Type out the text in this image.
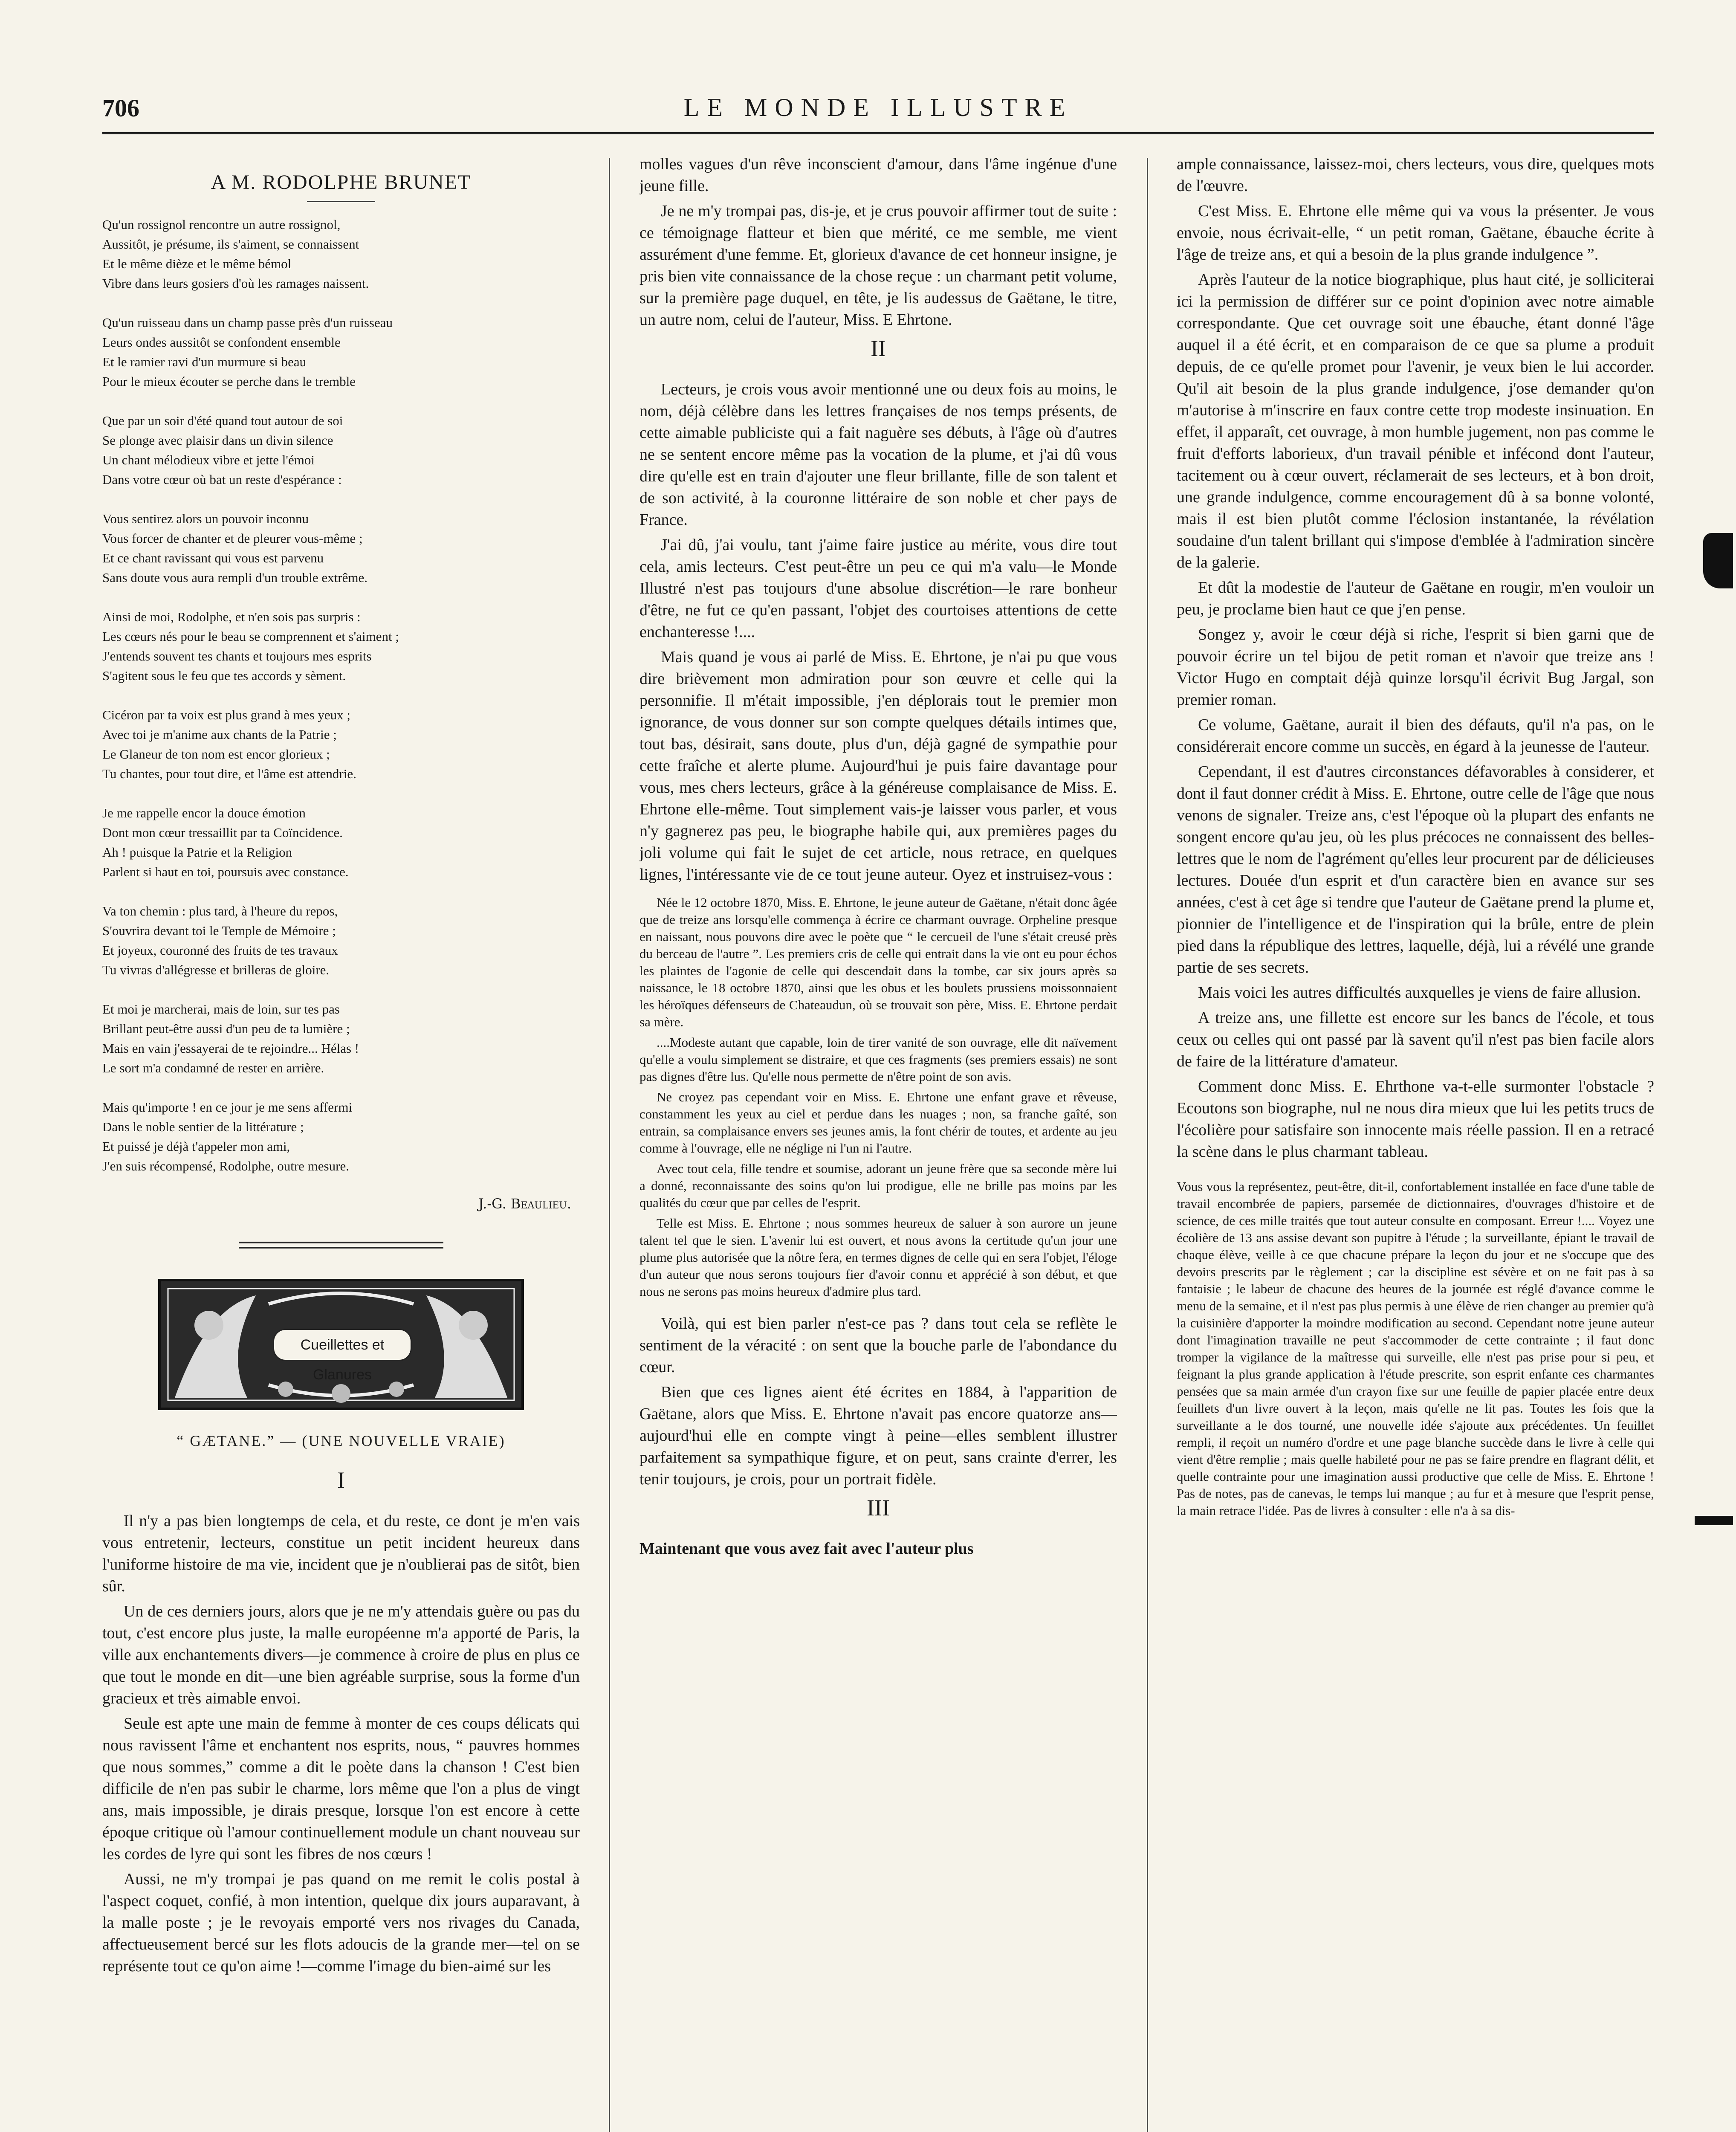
706	LE MONDE ILLUSTRE
A M. RODOLPHE BRUNET
Qu'un rossignol rencontre un autre rossignol,
Aussitôt, je présume, ils s'aiment, se connaissent
Et le même dièze et le même bémol
Vibre dans leurs gosiers d'où les ramages naissent.
Qu'un ruisseau dans un champ passe près d'un ruisseau
Leurs ondes aussitôt se confondent ensemble
Et le ramier ravi d'un murmure si beau
Pour le mieux écouter se perche dans le tremble
Que par un soir d'été quand tout autour de soi
Se plonge avec plaisir dans un divin silence
Un chant mélodieux vibre et jette l'émoi
Dans votre cœur où bat un reste d'espérance :
Vous sentirez alors un pouvoir inconnu
Vous forcer de chanter et de pleurer vous-même ;
Et ce chant ravissant qui vous est parvenu
Sans doute vous aura rempli d'un trouble extrême.
Ainsi de moi, Rodolphe, et n'en sois pas surpris :
Les cœurs nés pour le beau se comprennent et s'aiment ;
J'entends souvent tes chants et toujours mes esprits
S'agitent sous le feu que tes accords y sèment.
Cicéron par ta voix est plus grand à mes yeux ;
Avec toi je m'anime aux chants de la Patrie ;
Le Glaneur de ton nom est encor glorieux ;
Tu chantes, pour tout dire, et l'âme est attendrie.
Je me rappelle encor la douce émotion
Dont mon cœur tressaillit par ta Coïncidence.
Ah ! puisque la Patrie et la Religion
Parlent si haut en toi, poursuis avec constance.
Va ton chemin : plus tard, à l'heure du repos,
S'ouvrira devant toi le Temple de Mémoire ;
Et joyeux, couronné des fruits de tes travaux
Tu vivras d'allégresse et brilleras de gloire.
Et moi je marcherai, mais de loin, sur tes pas
Brillant peut-être aussi d'un peu de ta lumière ;
Mais en vain j'essayerai de te rejoindre... Hélas !
Le sort m'a condamné de rester en arrière.
Mais qu'importe ! en ce jour je me sens affermi
Dans le noble sentier de la littérature ;
Et puissé je déjà t'appeler mon ami,
J'en suis récompensé, Rodolphe, outre mesure.
J.-G. Beaulieu.
Cueillettes et Glanures
“ GÆTANE.” — (UNE NOUVELLE VRAIE)
I

Il n'y a pas bien longtemps de cela, et du reste, ce dont je m'en vais vous entretenir, lecteurs, constitue un petit incident heureux dans l'uniforme histoire de ma vie, incident que je n'oublierai pas de sitôt, bien sûr.

Un de ces derniers jours, alors que je ne m'y attendais guère ou pas du tout, c'est encore plus juste, la malle européenne m'a apporté de Paris, la ville aux enchantements divers—je commence à croire de plus en plus ce que tout le monde en dit—une bien agréable surprise, sous la forme d'un gracieux et très aimable envoi.

Seule est apte une main de femme à monter de ces coups délicats qui nous ravissent l'âme et enchantent nos esprits, nous, “ pauvres hommes que nous sommes,” comme a dit le poète dans la chanson ! C'est bien difficile de n'en pas subir le charme, lors même que l'on a plus de vingt ans, mais impossible, je dirais presque, lorsque l'on est encore à cette époque critique où l'amour continuellement module un chant nouveau sur les cordes de lyre qui sont les fibres de nos cœurs !

Aussi, ne m'y trompai je pas quand on me remit le colis postal à l'aspect coquet, confié, à mon intention, quelque dix jours auparavant, à la malle poste ; je le revoyais emporté vers nos rivages du Canada, affectueusement bercé sur les flots adoucis de la grande mer—tel on se représente tout ce qu'on aime !—comme l'image du bien-aimé sur les

molles vagues d'un rêve inconscient d'amour, dans l'âme ingénue d'une jeune fille.

Je ne m'y trompai pas, dis-je, et je crus pouvoir affirmer tout de suite : ce témoignage flatteur et bien que mérité, ce me semble, me vient assurément d'une femme. Et, glorieux d'avance de cet honneur insigne, je pris bien vite connaissance de la chose reçue : un charmant petit volume, sur la première page duquel, en tête, je lis audessus de Gaëtane, le titre, un autre nom, celui de l'auteur, Miss. E Ehrtone.

II

Lecteurs, je crois vous avoir mentionné une ou deux fois au moins, le nom, déjà célèbre dans les lettres françaises de nos temps présents, de cette aimable publiciste qui a fait naguère ses débuts, à l'âge où d'autres ne se sentent encore même pas la vocation de la plume, et j'ai dû vous dire qu'elle est en train d'ajouter une fleur brillante, fille de son talent et de son activité, à la couronne littéraire de son noble et cher pays de France.

J'ai dû, j'ai voulu, tant j'aime faire justice au mérite, vous dire tout cela, amis lecteurs. C'est peut-être un peu ce qui m'a valu—le Monde Illustré n'est pas toujours d'une absolue discrétion—le rare bonheur d'être, ne fut ce qu'en passant, l'objet des courtoises attentions de cette enchanteresse !....

Mais quand je vous ai parlé de Miss. E. Ehrtone, je n'ai pu que vous dire brièvement mon admiration pour son œuvre et celle qui la personnifie. Il m'était impossible, j'en déplorais tout le premier mon ignorance, de vous donner sur son compte quelques détails intimes que, tout bas, désirait, sans doute, plus d'un, déjà gagné de sympathie pour cette fraîche et alerte plume. Aujourd'hui je puis faire davantage pour vous, mes chers lecteurs, grâce à la généreuse complaisance de Miss. E. Ehrtone elle-même. Tout simplement vais-je laisser vous parler, et vous n'y gagnerez pas peu, le biographe habile qui, aux premières pages du joli volume qui fait le sujet de cet article, nous retrace, en quelques lignes, l'intéressante vie de ce tout jeune auteur. Oyez et instruisez-vous :

Née le 12 octobre 1870, Miss. E. Ehrtone, le jeune auteur de Gaëtane, n'était donc âgée que de treize ans lorsqu'elle commença à écrire ce charmant ouvrage. Orpheline presque en naissant, nous pouvons dire avec le poète que “ le cercueil de l'une s'était creusé près du berceau de l'autre ”. Les premiers cris de celle qui entrait dans la vie ont eu pour échos les plaintes de l'agonie de celle qui descendait dans la tombe, car six jours après sa naissance, le 18 octobre 1870, ainsi que les obus et les boulets prussiens moissonnaient les héroïques défenseurs de Chateaudun, où se trouvait son père, Miss. E. Ehrtone perdait sa mère.

....Modeste autant que capable, loin de tirer vanité de son ouvrage, elle dit naïvement qu'elle a voulu simplement se distraire, et que ces fragments (ses premiers essais) ne sont pas dignes d'être lus. Qu'elle nous permette de n'être point de son avis.

Ne croyez pas cependant voir en Miss. E. Ehrtone une enfant grave et rêveuse, constamment les yeux au ciel et perdue dans les nuages ; non, sa franche gaîté, son entrain, sa complaisance envers ses jeunes amis, la font chérir de toutes, et ardente au jeu comme à l'ouvrage, elle ne néglige ni l'un ni l'autre.

Avec tout cela, fille tendre et soumise, adorant un jeune frère que sa seconde mère lui a donné, reconnaissante des soins qu'on lui prodigue, elle ne brille pas moins par les qualités du cœur que par celles de l'esprit.

Telle est Miss. E. Ehrtone ; nous sommes heureux de saluer à son aurore un jeune talent tel que le sien. L'avenir lui est ouvert, et nous avons la certitude qu'un jour une plume plus autorisée que la nôtre fera, en termes dignes de celle qui en sera l'objet, l'éloge d'un auteur que nous serons toujours fier d'avoir connu et apprécié à son début, et que nous ne serons pas moins heureux d'admire plus tard.

Voilà, qui est bien parler n'est-ce pas ? dans tout cela se reflète le sentiment de la véracité : on sent que la bouche parle de l'abondance du cœur.

Bien que ces lignes aient été écrites en 1884, à l'apparition de Gaëtane, alors que Miss. E. Ehrtone n'avait pas encore quatorze ans—aujourd'hui elle en compte vingt à peine—elles semblent illustrer parfaitement sa sympathique figure, et on peut, sans crainte d'errer, les tenir toujours, je crois, pour un portrait fidèle.

III

Maintenant que vous avez fait avec l'auteur plus

ample connaissance, laissez-moi, chers lecteurs, vous dire, quelques mots de l'œuvre.

C'est Miss. E. Ehrtone elle même qui va vous la présenter. Je vous envoie, nous écrivait-elle, “ un petit roman, Gaëtane, ébauche écrite à l'âge de treize ans, et qui a besoin de la plus grande indulgence ”.

Après l'auteur de la notice biographique, plus haut cité, je solliciterai ici la permission de différer sur ce point d'opinion avec notre aimable correspondante. Que cet ouvrage soit une ébauche, étant donné l'âge auquel il a été écrit, et en comparaison de ce que sa plume a produit depuis, de ce qu'elle promet pour l'avenir, je veux bien le lui accorder. Qu'il ait besoin de la plus grande indulgence, j'ose demander qu'on m'autorise à m'inscrire en faux contre cette trop modeste insinuation. En effet, il apparaît, cet ouvrage, à mon humble jugement, non pas comme le fruit d'efforts laborieux, d'un travail pénible et infécond dont l'auteur, tacitement ou à cœur ouvert, réclamerait de ses lecteurs, et à bon droit, une grande indulgence, comme encouragement dû à sa bonne volonté, mais il est bien plutôt comme l'éclosion instantanée, la révélation soudaine d'un talent brillant qui s'impose d'emblée à l'admiration sincère de la galerie.

Et dût la modestie de l'auteur de Gaëtane en rougir, m'en vouloir un peu, je proclame bien haut ce que j'en pense.

Songez y, avoir le cœur déjà si riche, l'esprit si bien garni que de pouvoir écrire un tel bijou de petit roman et n'avoir que treize ans ! Victor Hugo en comptait déjà quinze lorsqu'il écrivit Bug Jargal, son premier roman.

Ce volume, Gaëtane, aurait il bien des défauts, qu'il n'a pas, on le considérerait encore comme un succès, en égard à la jeunesse de l'auteur.

Cependant, il est d'autres circonstances défavorables à considerer, et dont il faut donner crédit à Miss. E. Ehrtone, outre celle de l'âge que nous venons de signaler. Treize ans, c'est l'époque où la plupart des enfants ne songent encore qu'au jeu, où les plus précoces ne connaissent des belles-lettres que le nom de l'agrément qu'elles leur procurent par de délicieuses lectures. Douée d'un esprit et d'un caractère bien en avance sur ses années, c'est à cet âge si tendre que l'auteur de Gaëtane prend la plume et, pionnier de l'intelligence et de l'inspiration qui la brûle, entre de plein pied dans la république des lettres, laquelle, déjà, lui a révélé une grande partie de ses secrets.

Mais voici les autres difficultés auxquelles je viens de faire allusion.

A treize ans, une fillette est encore sur les bancs de l'école, et tous ceux ou celles qui ont passé par là savent qu'il n'est pas bien facile alors de faire de la littérature d'amateur.

Comment donc Miss. E. Ehrthone va-t-elle surmonter l'obstacle ? Ecoutons son biographe, nul ne nous dira mieux que lui les petits trucs de l'écolière pour satisfaire son innocente mais réelle passion. Il en a retracé la scène dans le plus charmant tableau.

Vous vous la représentez, peut-être, dit-il, confortablement installée en face d'une table de travail encombrée de papiers, parsemée de dictionnaires, d'ouvrages d'histoire et de science, de ces mille traités que tout auteur consulte en composant. Erreur !.... Voyez une écolière de 13 ans assise devant son pupitre à l'étude ; la surveillante, épiant le travail de chaque élève, veille à ce que chacune prépare la leçon du jour et ne s'occupe que des devoirs prescrits par le règlement ; car la discipline est sévère et on ne fait pas à sa fantaisie ; le labeur de chacune des heures de la journée est réglé d'avance comme le menu de la semaine, et il n'est pas plus permis à une élève de rien changer au premier qu'à la cuisinière d'apporter la moindre modification au second. Cependant notre jeune auteur dont l'imagination travaille ne peut s'accommoder de cette contrainte ; il faut donc tromper la vigilance de la maîtresse qui surveille, elle n'est pas prise pour si peu, et feignant la plus grande application à l'étude prescrite, son esprit enfante ces charmantes pensées que sa main armée d'un crayon fixe sur une feuille de papier placée entre deux feuillets d'un livre ouvert à la leçon, mais qu'elle ne lit pas. Toutes les fois que la surveillante a le dos tourné, une nouvelle idée s'ajoute aux précédentes. Un feuillet rempli, il reçoit un numéro d'ordre et une page blanche succède dans le livre à celle qui vient d'être remplie ; mais quelle habileté pour ne pas se faire prendre en flagrant délit, et quelle contrainte pour une imagination aussi productive que celle de Miss. E. Ehrtone ! Pas de notes, pas de canevas, le temps lui manque ; au fur et à mesure que l'esprit pense, la main retrace l'idée. Pas de livres à consulter : elle n'a à sa dis-
